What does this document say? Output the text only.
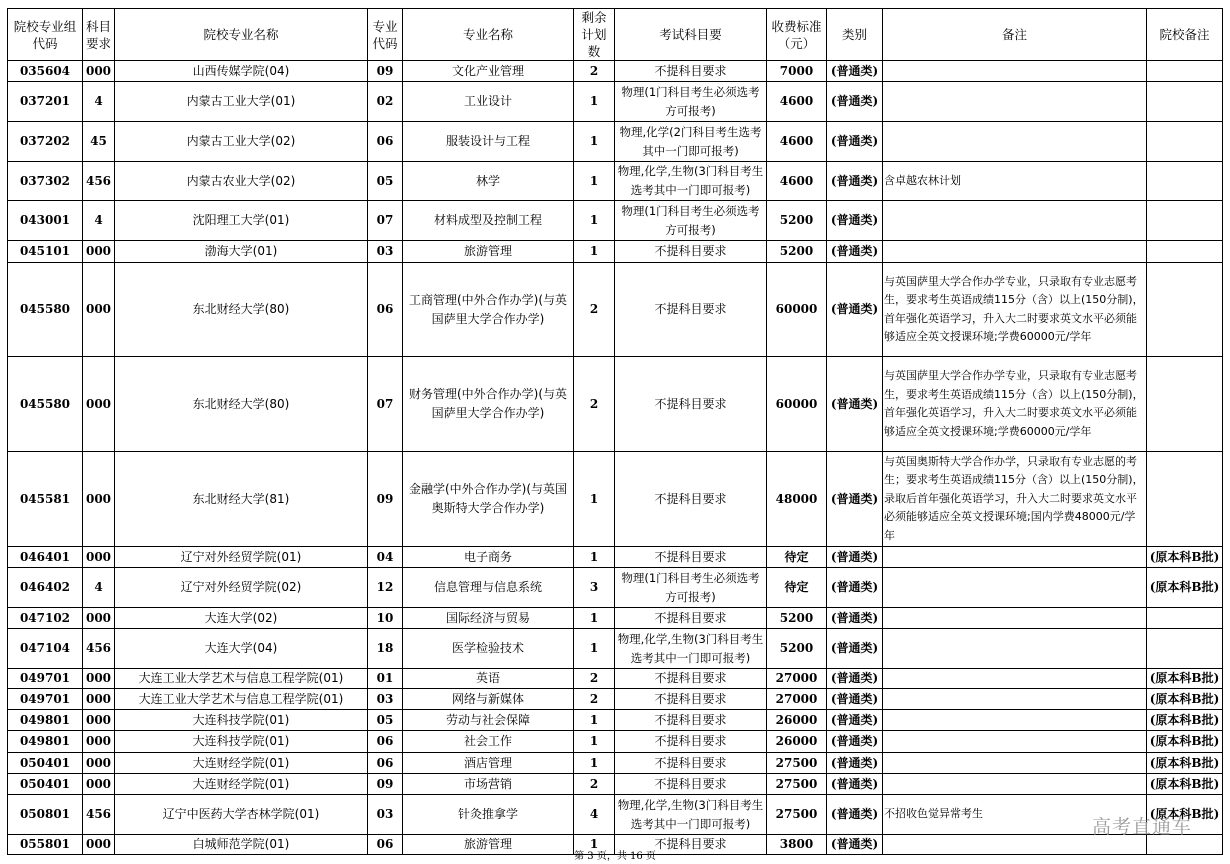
院校专业组代码	科目要求	院校专业名称	专业代码	专业名称	剩余计划数	考试科目要	收费标准（元）	类别	备注	院校备注
035604	000	山西传媒学院(04)	09	文化产业管理	2	不提科目要求	7000	(普通类)		
037201	4	内蒙古工业大学(01)	02	工业设计	1	物理(1门科目考生必须选考方可报考)	4600	(普通类)		
037202	45	内蒙古工业大学(02)	06	服装设计与工程	1	物理,化学(2门科目考生选考其中一门即可报考)	4600	(普通类)		
037302	456	内蒙古农业大学(02)	05	林学	1	物理,化学,生物(3门科目考生选考其中一门即可报考)	4600	(普通类)	含卓越农林计划	
043001	4	沈阳理工大学(01)	07	材料成型及控制工程	1	物理(1门科目考生必须选考方可报考)	5200	(普通类)		
045101	000	渤海大学(01)	03	旅游管理	1	不提科目要求	5200	(普通类)		
045580	000	东北财经大学(80)	06	工商管理(中外合作办学)(与英国萨里大学合作办学)	2	不提科目要求	60000	(普通类)	与英国萨里大学合作办学专业，只录取有专业志愿考生，要求考生英语成绩115分（含）以上(150分制)，首年强化英语学习，升入大二时要求英文水平必须能够适应全英文授课环境;学费60000元/学年	
045580	000	东北财经大学(80)	07	财务管理(中外合作办学)(与英国萨里大学合作办学)	2	不提科目要求	60000	(普通类)	与英国萨里大学合作办学专业，只录取有专业志愿考生，要求考生英语成绩115分（含）以上(150分制)，首年强化英语学习，升入大二时要求英文水平必须能够适应全英文授课环境;学费60000元/学年	
045581	000	东北财经大学(81)	09	金融学(中外合作办学)(与英国奥斯特大学合作办学)	1	不提科目要求	48000	(普通类)	与英国奥斯特大学合作办学，只录取有专业志愿的考生；要求考生英语成绩115分（含）以上(150分制)，录取后首年强化英语学习，升入大二时要求英文水平必须能够适应全英文授课环境;国内学费48000元/学年	
046401	000	辽宁对外经贸学院(01)	04	电子商务	1	不提科目要求	待定	(普通类)		(原本科B批)
046402	4	辽宁对外经贸学院(02)	12	信息管理与信息系统	3	物理(1门科目考生必须选考方可报考)	待定	(普通类)		(原本科B批)
047102	000	大连大学(02)	10	国际经济与贸易	1	不提科目要求	5200	(普通类)		
047104	456	大连大学(04)	18	医学检验技术	1	物理,化学,生物(3门科目考生选考其中一门即可报考)	5200	(普通类)		
049701	000	大连工业大学艺术与信息工程学院(01)	01	英语	2	不提科目要求	27000	(普通类)		(原本科B批)
049701	000	大连工业大学艺术与信息工程学院(01)	03	网络与新媒体	2	不提科目要求	27000	(普通类)		(原本科B批)
049801	000	大连科技学院(01)	05	劳动与社会保障	1	不提科目要求	26000	(普通类)		(原本科B批)
049801	000	大连科技学院(01)	06	社会工作	1	不提科目要求	26000	(普通类)		(原本科B批)
050401	000	大连财经学院(01)	06	酒店管理	1	不提科目要求	27500	(普通类)		(原本科B批)
050401	000	大连财经学院(01)	09	市场营销	2	不提科目要求	27500	(普通类)		(原本科B批)
050801	456	辽宁中医药大学杏林学院(01)	03	针灸推拿学	4	物理,化学,生物(3门科目考生选考其中一门即可报考)	27500	(普通类)	不招收色觉异常考生	(原本科B批)
055801	000	白城师范学院(01)	06	旅游管理	1	不提科目要求	3800	(普通类)		
第 3 页，共 16 页
高考直通车
